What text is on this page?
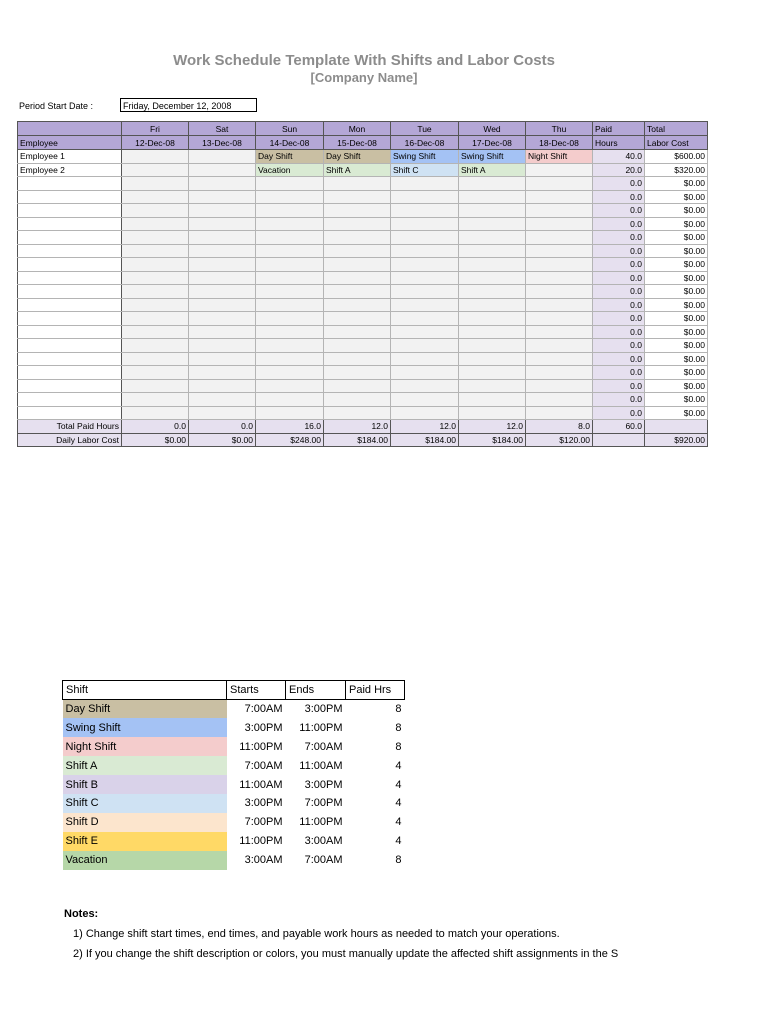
Work Schedule Template With Shifts and Labor Costs
[Company Name]
Period Start Date :	Friday, December 12, 2008
	Fri	Sat	Sun	Mon	Tue	Wed	Thu	Paid	Total
Employee	12-Dec-08	13-Dec-08	14-Dec-08	15-Dec-08	16-Dec-08	17-Dec-08	18-Dec-08	Hours	Labor Cost
Employee 1			Day Shift	Day Shift	Swing Shift	Swing Shift	Night Shift	40.0	$600.00
Employee 2			Vacation	Shift A	Shift C	Shift A		20.0	$320.00
								0.0	$0.00
								0.0	$0.00
								0.0	$0.00
								0.0	$0.00
								0.0	$0.00
								0.0	$0.00
								0.0	$0.00
								0.0	$0.00
								0.0	$0.00
								0.0	$0.00
								0.0	$0.00
								0.0	$0.00
								0.0	$0.00
								0.0	$0.00
								0.0	$0.00
								0.0	$0.00
								0.0	$0.00
								0.0	$0.00
Total Paid Hours	0.0	0.0	16.0	12.0	12.0	12.0	8.0	60.0	
Daily Labor Cost	$0.00	$0.00	$248.00	$184.00	$184.00	$184.00	$120.00		$920.00
Shift	Starts	Ends	Paid Hrs
Day Shift	7:00AM	3:00PM	8
Swing Shift	3:00PM	11:00PM	8
Night Shift	11:00PM	7:00AM	8
Shift A	7:00AM	11:00AM	4
Shift B	11:00AM	3:00PM	4
Shift C	3:00PM	7:00PM	4
Shift D	7:00PM	11:00PM	4
Shift E	11:00PM	3:00AM	4
Vacation	3:00AM	7:00AM	8
Notes:
1) Change shift start times, end times, and payable work hours as needed to match your operations.
2) If you change the shift description or colors, you must manually update the affected shift assignments in the S
